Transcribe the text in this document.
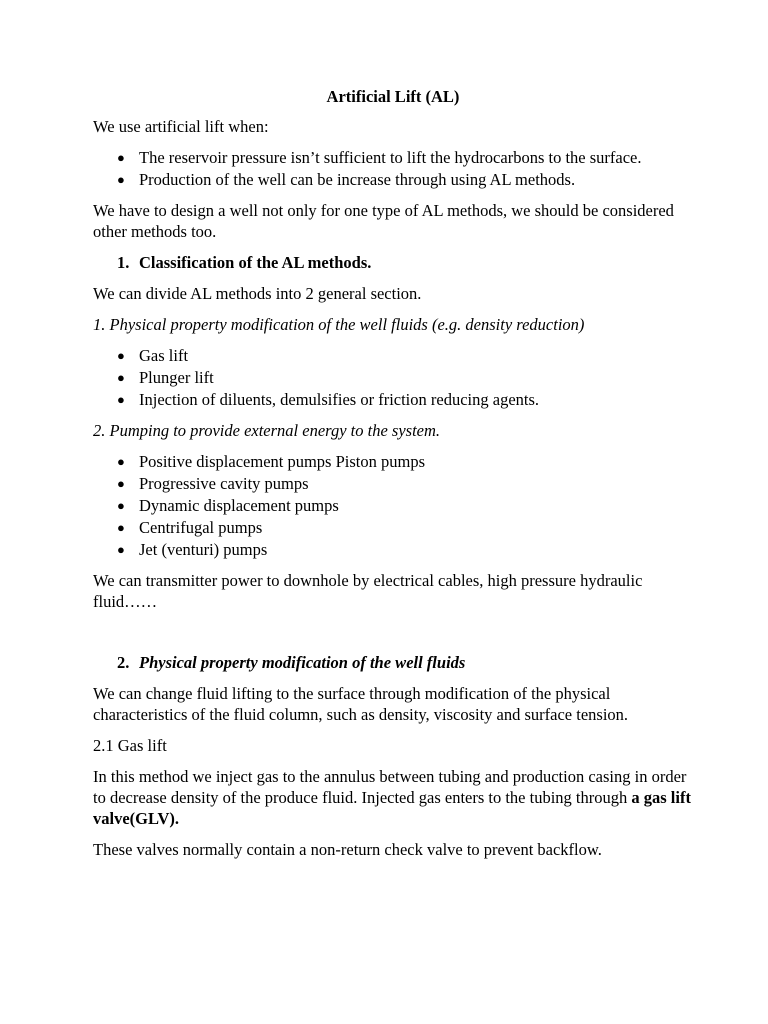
Artificial Lift (AL)

We use artificial lift when:

● The reservoir pressure isn’t sufficient to lift the hydrocarbons to the surface.
● Production of the well can be increase through using AL methods.

We have to design a well not only for one type of AL methods, we should be considered other methods too.

1. Classification of the AL methods.

We can divide AL methods into 2 general section.

1. Physical property modification of the well fluids (e.g. density reduction)

● Gas lift
● Plunger lift
● Injection of diluents, demulsifies or friction reducing agents.

2. Pumping to provide external energy to the system.

● Positive displacement pumps Piston pumps
● Progressive cavity pumps
● Dynamic displacement pumps
● Centrifugal pumps
● Jet (venturi) pumps

We can transmitter power to downhole by electrical cables, high pressure hydraulic fluid……

2. Physical property modification of the well fluids

We can change fluid lifting to the surface through modification of the physical characteristics of the fluid column, such as density, viscosity and surface tension.

2.1 Gas lift

In this method we inject gas to the annulus between tubing and production casing in order to decrease density of the produce fluid. Injected gas enters to the tubing through a gas lift valve(GLV).

These valves normally contain a non-return check valve to prevent backflow.
